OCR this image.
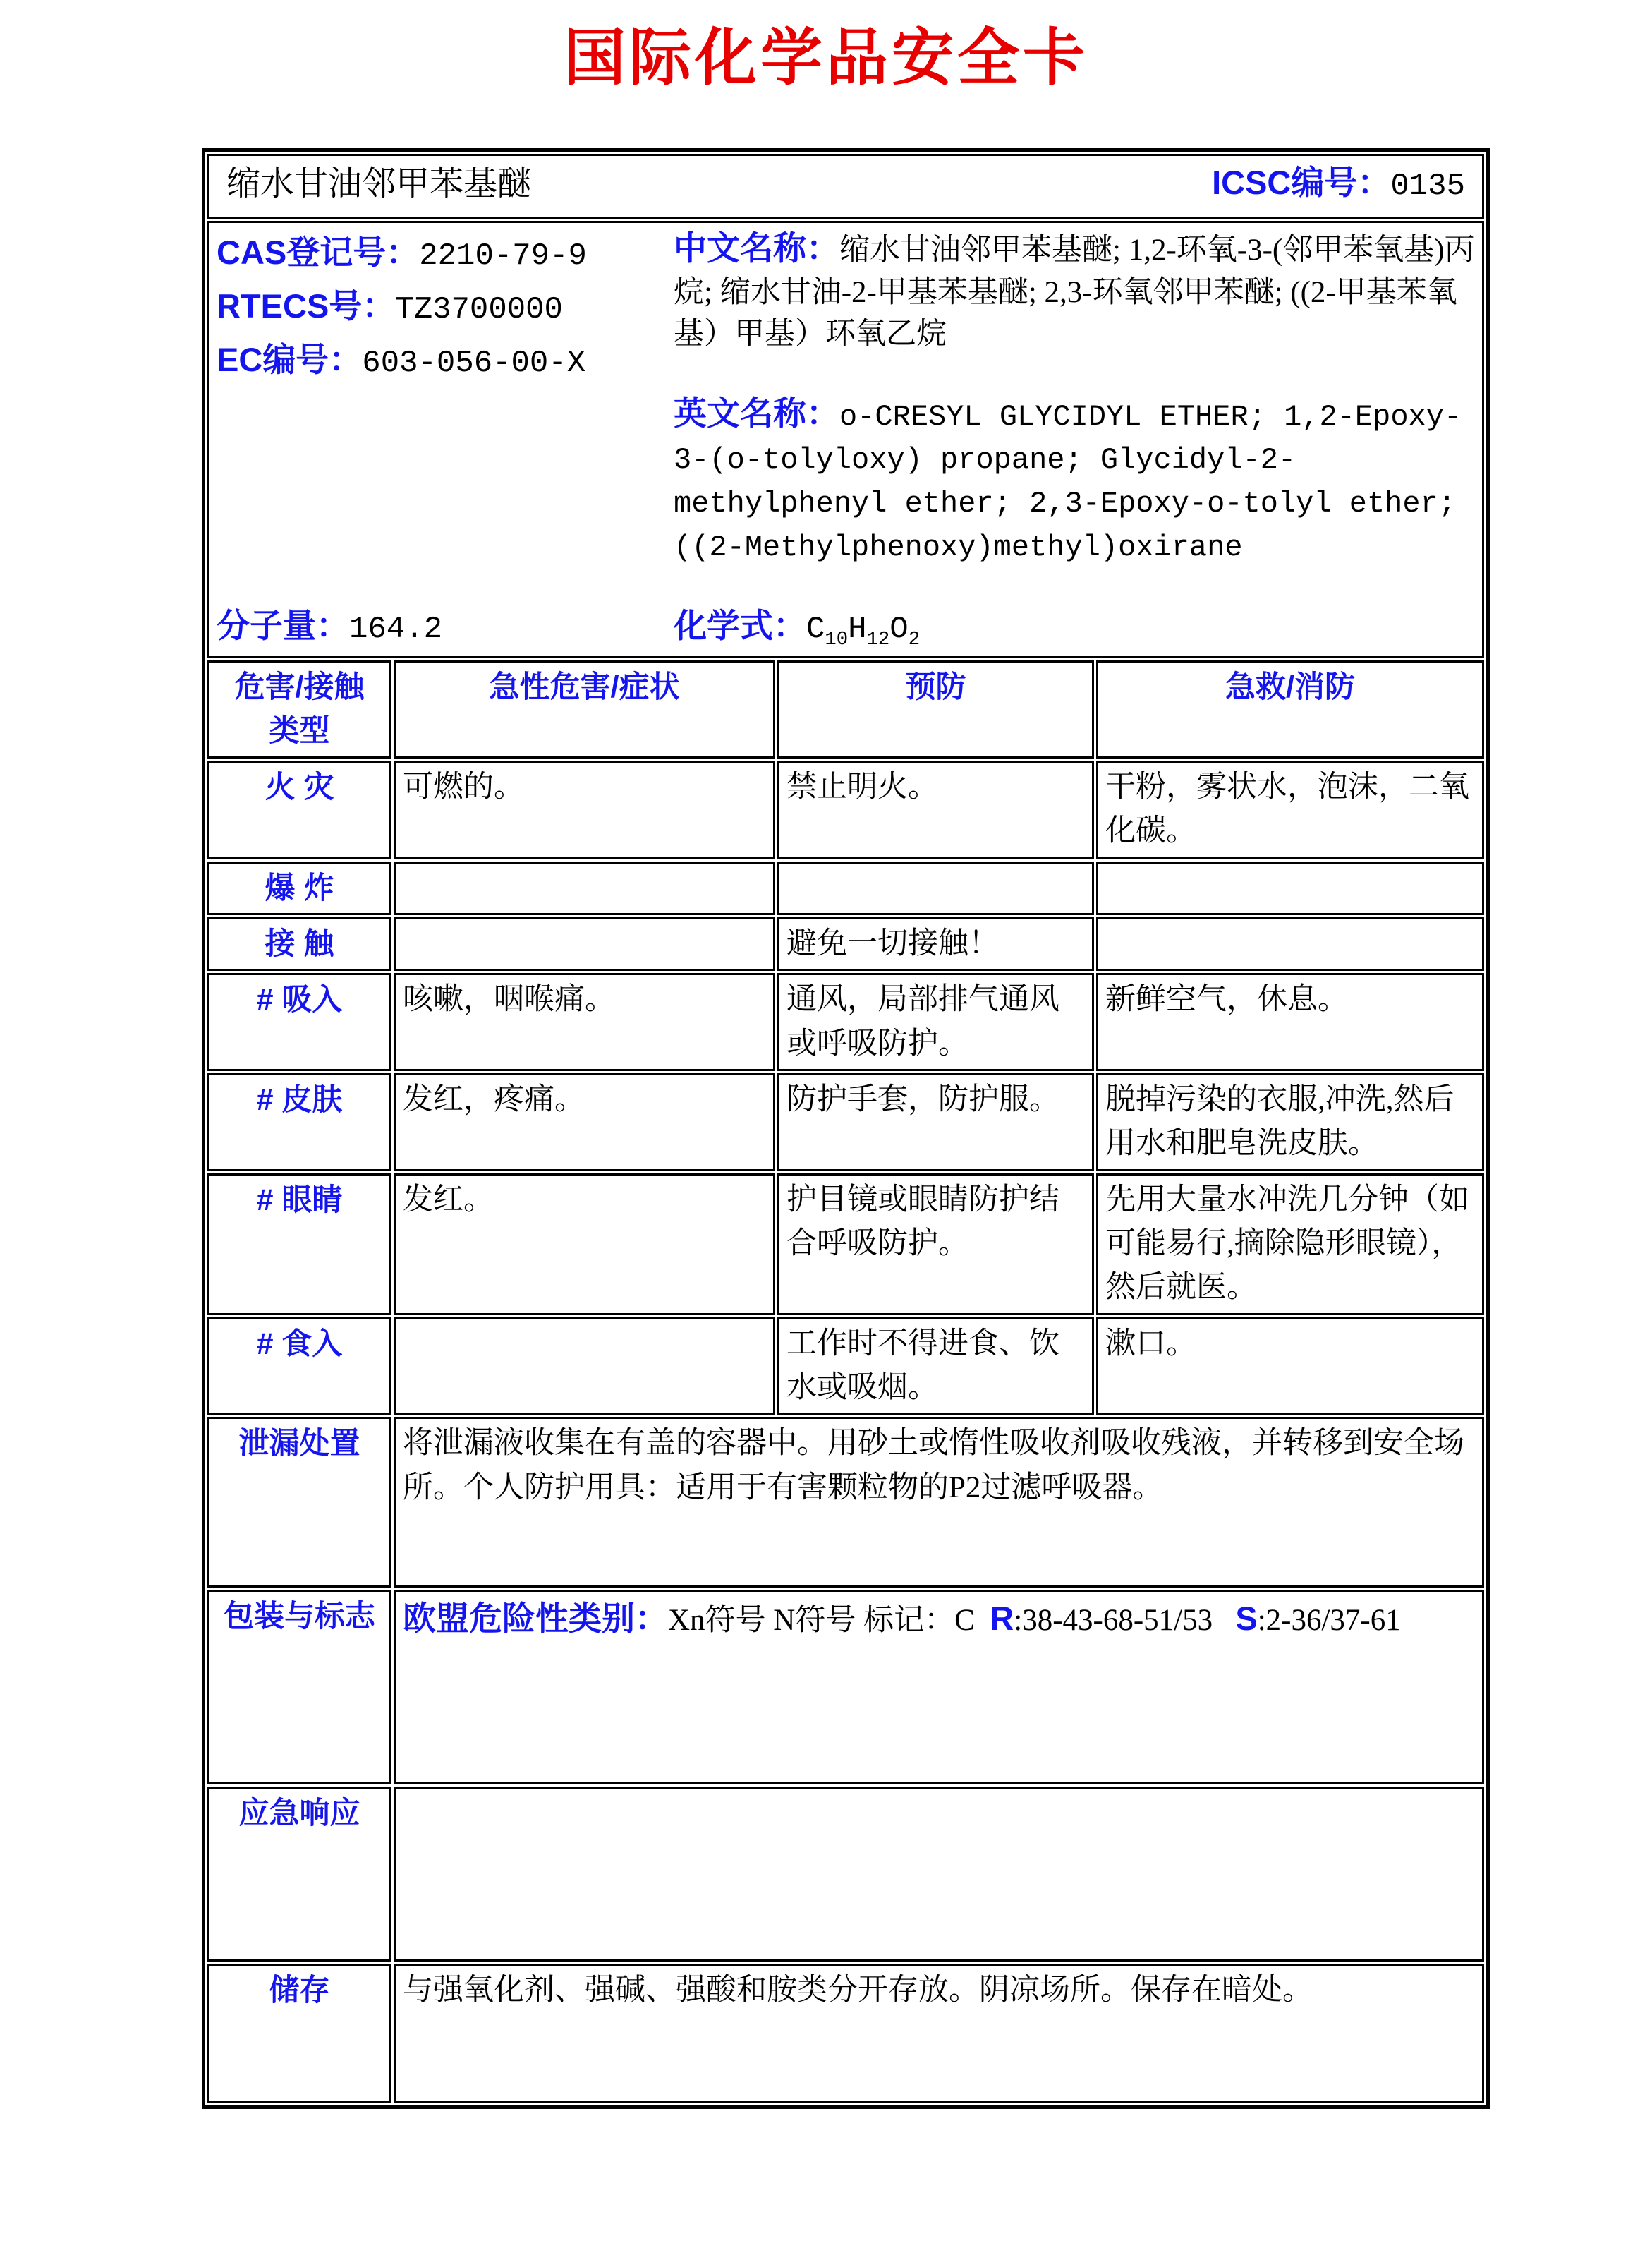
国际化学品安全卡
缩水甘油邻甲苯基醚 ICSC编号：0135			

CAS登记号：2210-79-9
RTECS号：TZ3700000
EC编号：603-056-00-X

中文名称：缩水甘油邻甲苯基醚; 1,2-环氧-3-(邻甲苯氧基)丙烷; 缩水甘油-2-甲基苯基醚; 2,3-环氧邻甲苯醚; ((2-甲基苯氧基）甲基）环氧乙烷

英文名称：o-CRESYL GLYCIDYL ETHER; 1,2-Epoxy-3-(o-tolyloxy) propane; Glycidyl-2-methylphenyl ether; 2,3-Epoxy-o-tolyl ether; ((2-Methylphenoxy)methyl)oxirane

分子量：164.2	化学式：$C_{10}H_{12}O_2$

危害/接触 类型	急性危害/症状	预防	急救/消防
火 灾	可燃的。	禁止明火。	干粉，雾状水，泡沫，二氧化碳。
爆 炸			
接 触		避免一切接触！	
# 吸入	咳嗽，咽喉痛。	通风，局部排气通风或呼吸防护。	新鲜空气，休息。
# 皮肤	发红，疼痛。	防护手套，防护服。	脱掉污染的衣服,冲洗,然后用水和肥皂洗皮肤。
# 眼睛	发红。	护目镜或眼睛防护结合呼吸防护。	先用大量水冲洗几分钟（如可能易行,摘除隐形眼镜），然后就医。
# 食入		工作时不得进食、饮水或吸烟。	漱口。
泄漏处置	将泄漏液收集在有盖的容器中。用砂土或惰性吸收剂吸收残液，并转移到安全场所。个人防护用具：适用于有害颗粒物的P2过滤呼吸器。		
包装与标志	欧盟危险性类别：Xn符号 N符号 标记：C  R:38-43-68-51/53   S:2-36/37-61		
应急响应			
储存	与强氧化剂、强碱、强酸和胺类分开存放。阴凉场所。保存在暗处。		
